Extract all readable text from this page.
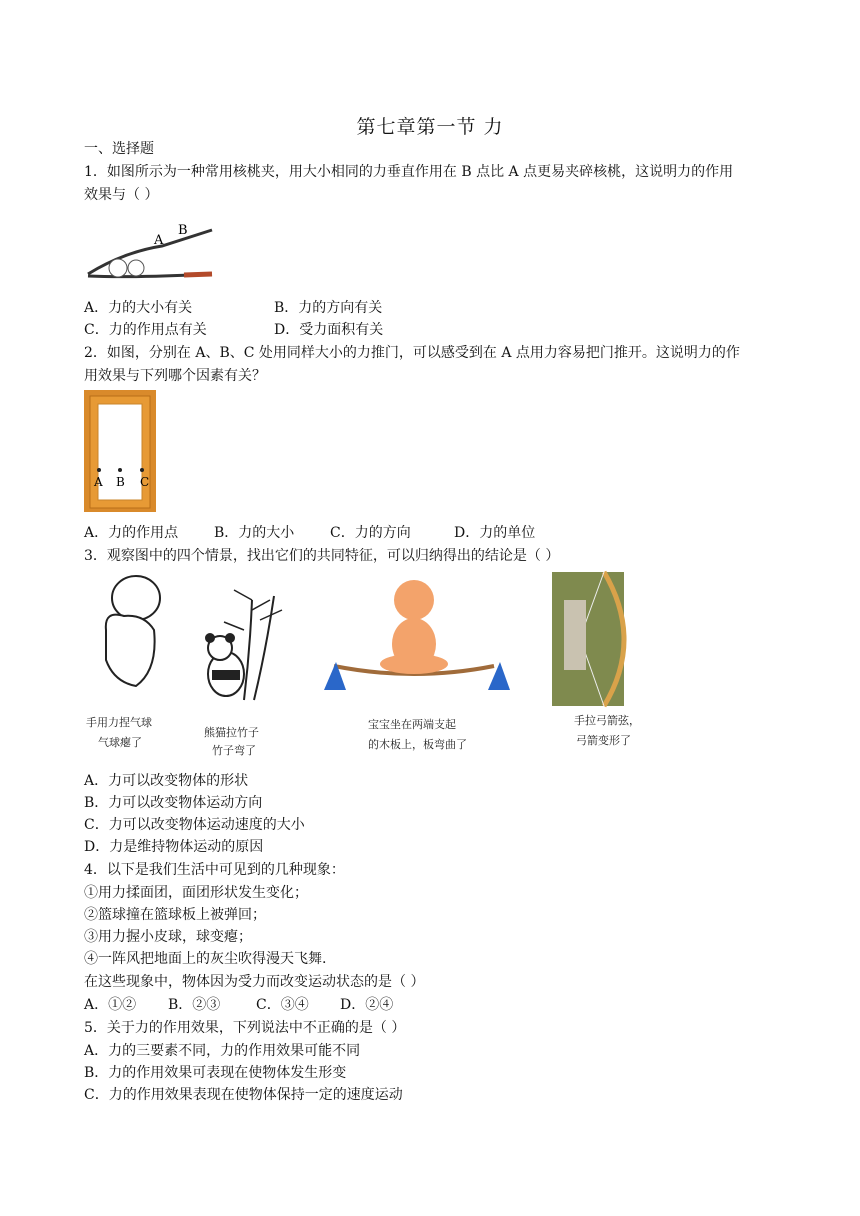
第七章第一节 力
一、选择题
1．如图所示为一种常用核桃夹，用大小相同的力垂直作用在 B 点比 A 点更易夹碎核桃，这说明力的作用
效果与（ ）
A
B
A．力的大小有关	B．力的方向有关
C．力的作用点有关	D．受力面积有关
2．如图，分别在 A、B、C 处用同样大小的力推门，可以感受到在 A 点用力容易把门推开。这说明力的作
用效果与下列哪个因素有关？
A B C
A．力的作用点	B．力的大小	C．力的方向	D．力的单位
3．观察图中的四个情景，找出它们的共同特征，可以归纳得出的结论是（ ）
手用力捏气球
气球瘪了
熊猫拉竹子
竹子弯了
宝宝坐在两端支起
的木板上，板弯曲了
手拉弓箭弦，
弓箭变形了
A．力可以改变物体的形状
B．力可以改变物体运动方向
C．力可以改变物体运动速度的大小
D．力是维持物体运动的原因
4．以下是我们生活中可见到的几种现象：
①用力揉面团，面团形状发生变化；
②篮球撞在篮球板上被弹回；
③用力握小皮球，球变瘪；
④一阵风把地面上的灰尘吹得漫天飞舞.
在这些现象中，物体因为受力而改变运动状态的是（ ）
A．①② B．②③	C．③④ D．②④
5．关于力的作用效果，下列说法中不正确的是（ ）
A．力的三要素不同，力的作用效果可能不同
B．力的作用效果可表现在使物体发生形变
C．力的作用效果表现在使物体保持一定的速度运动
